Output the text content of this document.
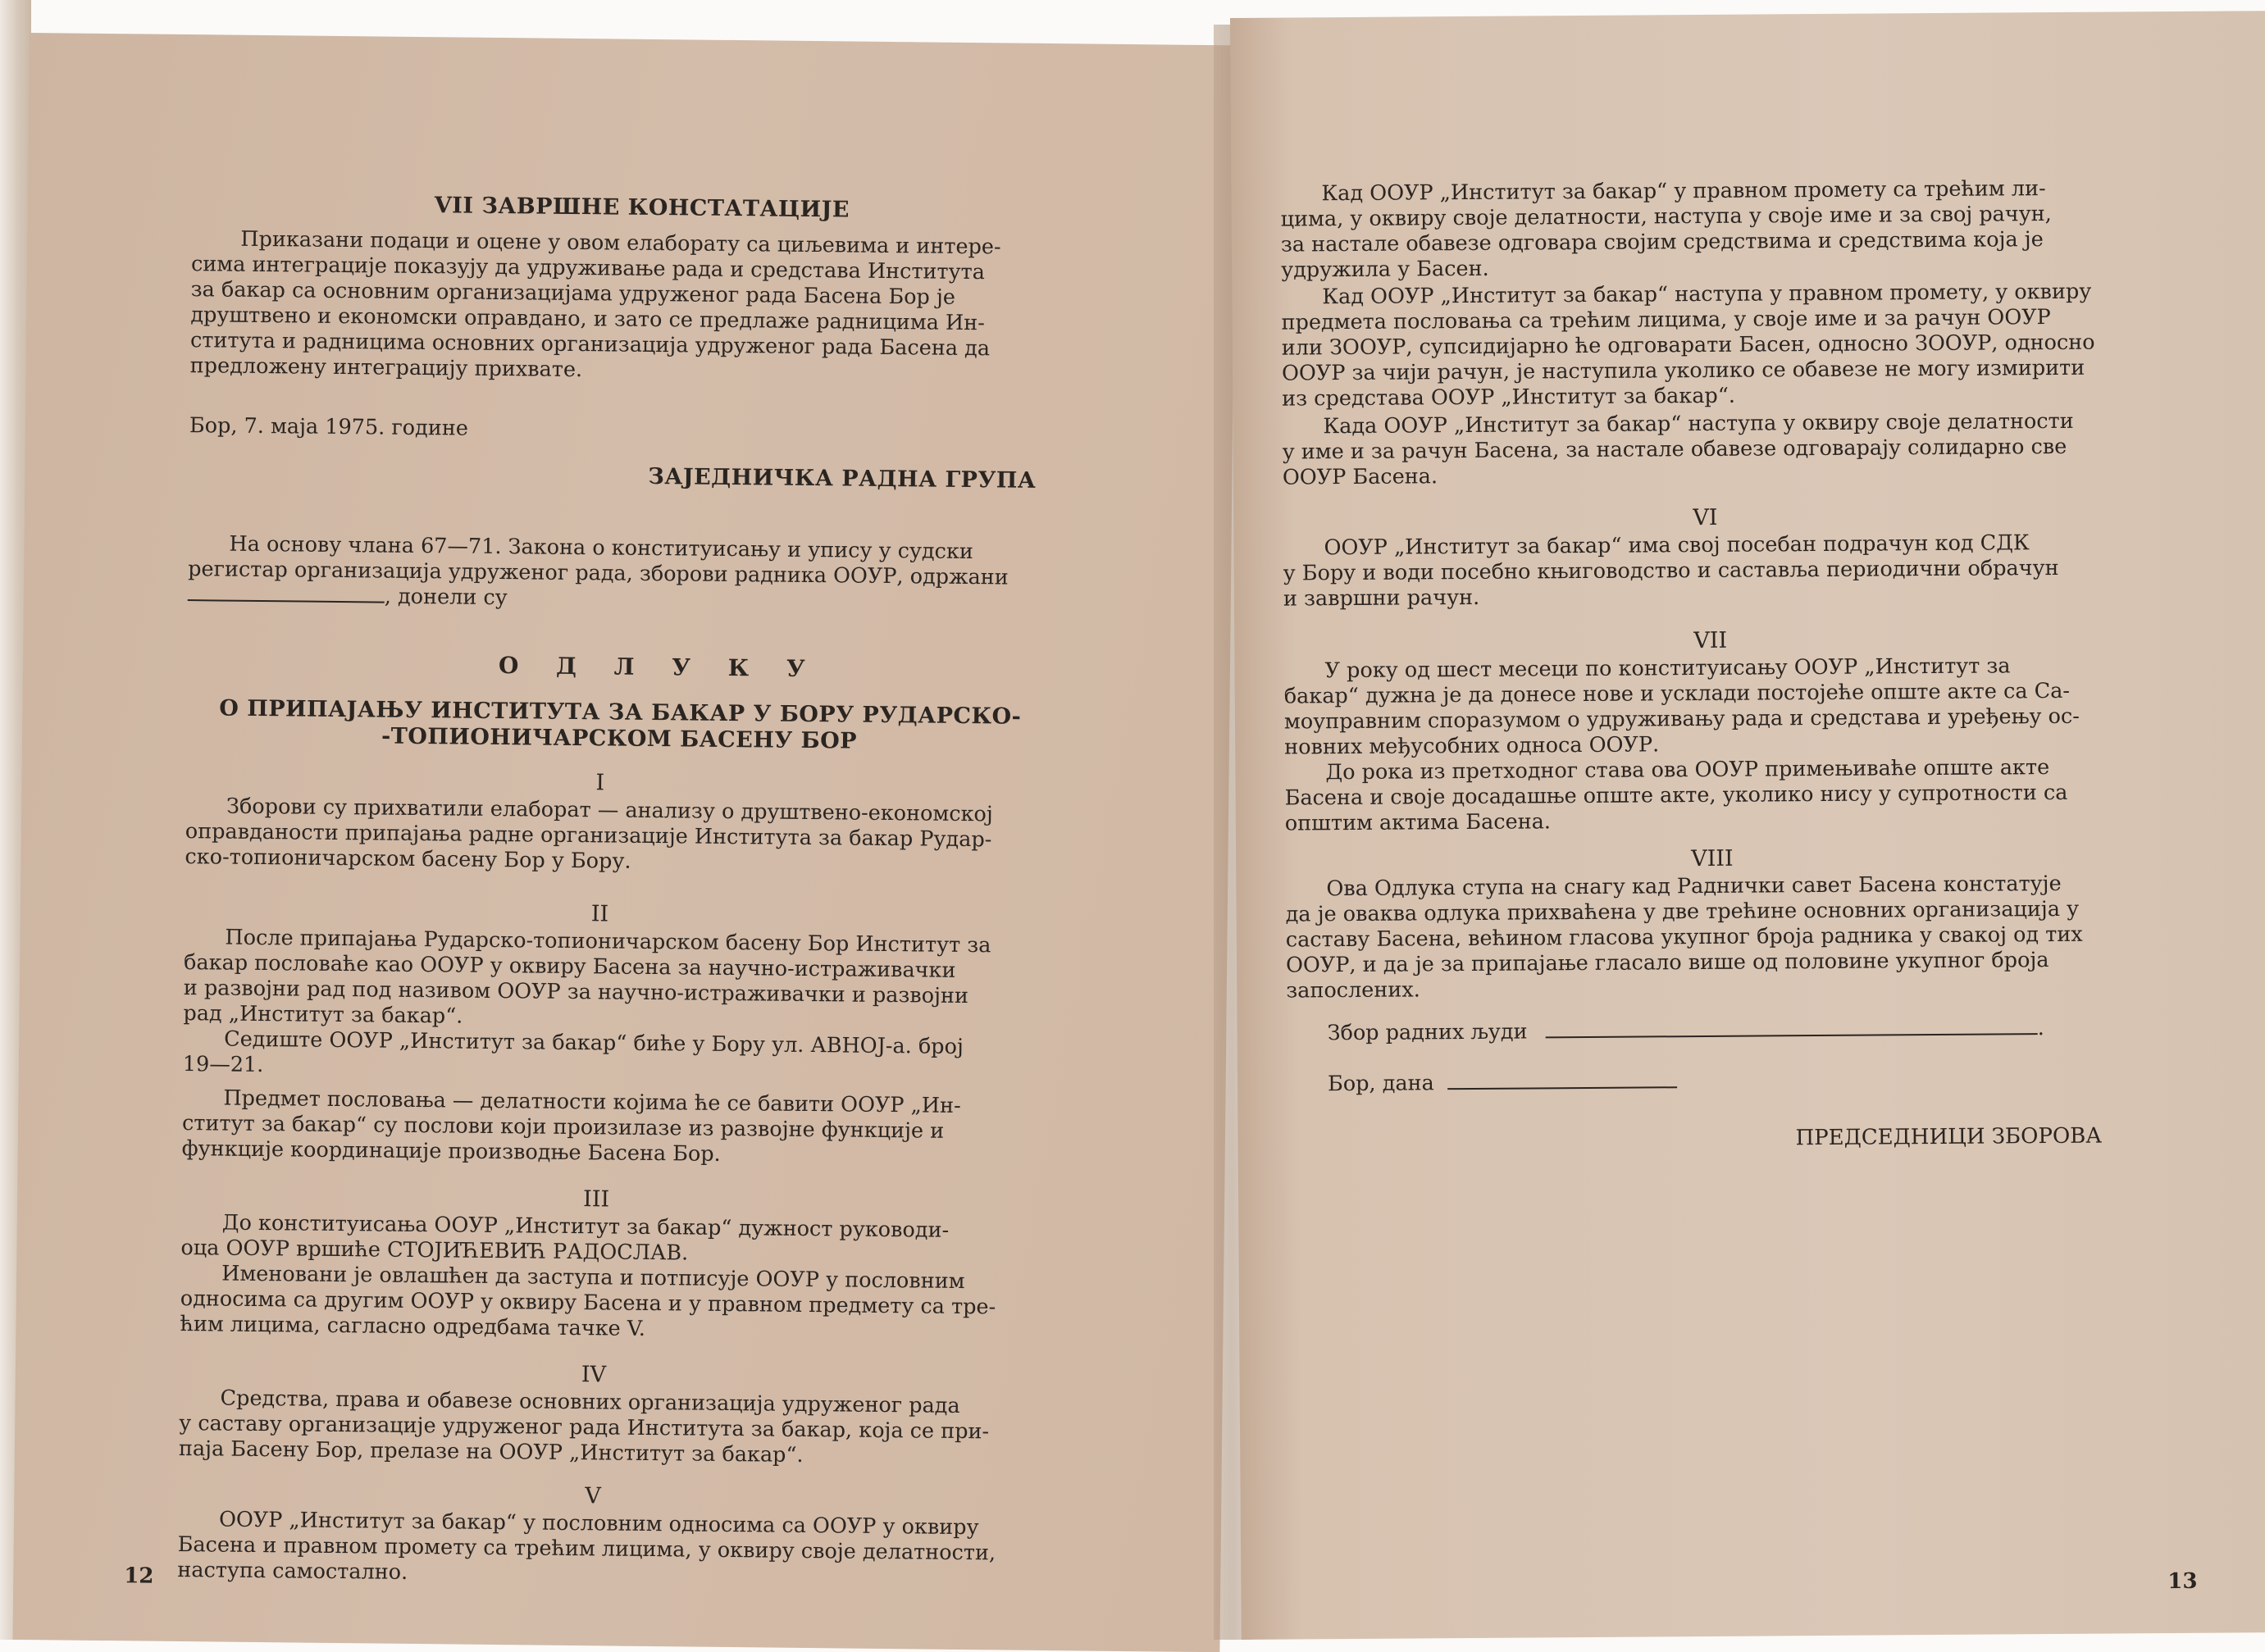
VII ЗАВРШНЕ КОНСТАТАЦИЈЕ
Приказани подаци и оцене у овом елаборату са циљевима и интере-
сима интеграције показују да удруживање рада и средстава Института
за бакар са основним организацијама удруженог рада Басена Бор је
друштвено и економски оправдано, и зато се предлаже радницима Ин-
ститута и радницима основних организација удруженог рада Басена да
предложену интеграцију прихвате.
Бор, 7. маја 1975. године
ЗАЈЕДНИЧКА РАДНА ГРУПА
На основу члана 67—71. Закона о конституисању и упису у судски
регистар организација удруженог рада, зборови радника ООУР, одржани
, донели су
О Д Л У К У
О ПРИПАЈАЊУ ИНСТИТУТА ЗА БАКАР У БОРУ РУДАРСКО-
-ТОПИОНИЧАРСКОМ БАСЕНУ БОР
I
Зборови су прихватили елаборат — анализу о друштвено-економској
оправданости припајања радне организације Института за бакар Рудар-
ско-топионичарском басену Бор у Бору.
II
После припајања Рударско-топионичарском басену Бор Институт за
бакар пословаће као ООУР у оквиру Басена за научно-истраживачки
и развојни рад под називом ООУР за научно-истраживачки и развојни
рад „Институт за бакар“.
Седиште ООУР „Институт за бакар“ биће у Бору ул. АВНОЈ-а. број
19—21.
Предмет пословања — делатности којима ће се бавити ООУР „Ин-
ститут за бакар“ су послови који произилазе из развојне функције и
функције координације производње Басена Бор.
III
До конституисања ООУР „Институт за бакар“ дужност руководи-
оца ООУР вршиће СТОЈИЋЕВИЋ РАДОСЛАВ.
Именовани је овлашћен да заступа и потписује ООУР у пословним
односима са другим ООУР у оквиру Басена и у правном предмету са тре-
ћим лицима, сагласно одредбама тачке V.
IV
Средства, права и обавезе основних организација удруженог рада
у саставу организације удруженог рада Института за бакар, која се при-
паја Басену Бор, прелазе на ООУР „Институт за бакар“.
V
ООУР „Институт за бакар“ у пословним односима са ООУР у оквиру
Басена и правном промету са трећим лицима, у оквиру своје делатности,
наступа самостално.
12
Кад ООУР „Институт за бакар“ у правном промету са трећим ли-
цима, у оквиру своје делатности, наступа у своје име и за свој рачун,
за настале обавезе одговара својим средствима и средствима која је
удружила у Басен.
Кад ООУР „Институт за бакар“ наступа у правном промету, у оквиру
предмета пословања са трећим лицима, у своје име и за рачун ООУР
или ЗООУР, супсидијарно ће одговарати Басен, односно ЗООУР, односно
ООУР за чији рачун, је наступила уколико се обавезе не могу измирити
из средстава ООУР „Институт за бакар“.
Када ООУР „Институт за бакар“ наступа у оквиру своје делатности
у име и за рачун Басена, за настале обавезе одговарају солидарно све
ООУР Басена.
VI
ООУР „Институт за бакар“ има свој посебан подрачун код СДК
у Бору и води посебно књиговодство и саставља периодични обрачун
и завршни рачун.
VII
У року од шест месеци по конституисању ООУР „Институт за
бакар“ дужна је да донесе нове и усклади постојеће опште акте са Са-
моуправним споразумом о удруживању рада и средстава и уређењу ос-
новних међусобних односа ООУР.
До рока из претходног става ова ООУР примењиваће опште акте
Басена и своје досадашње опште акте, уколико нису у супротности са
општим актима Басена.
VIII
Ова Одлука ступа на снагу кад Раднички савет Басена констатује
да је оваква одлука прихваћена у две трећине основних организација у
саставу Басена, већином гласова укупног броја радника у свакој од тих
ООУР, и да је за припајање гласало више од половине укупног броја
запослених.
Збор радних људи	.
Бор, дана
ПРЕДСЕДНИЦИ ЗБОРОВА
13
